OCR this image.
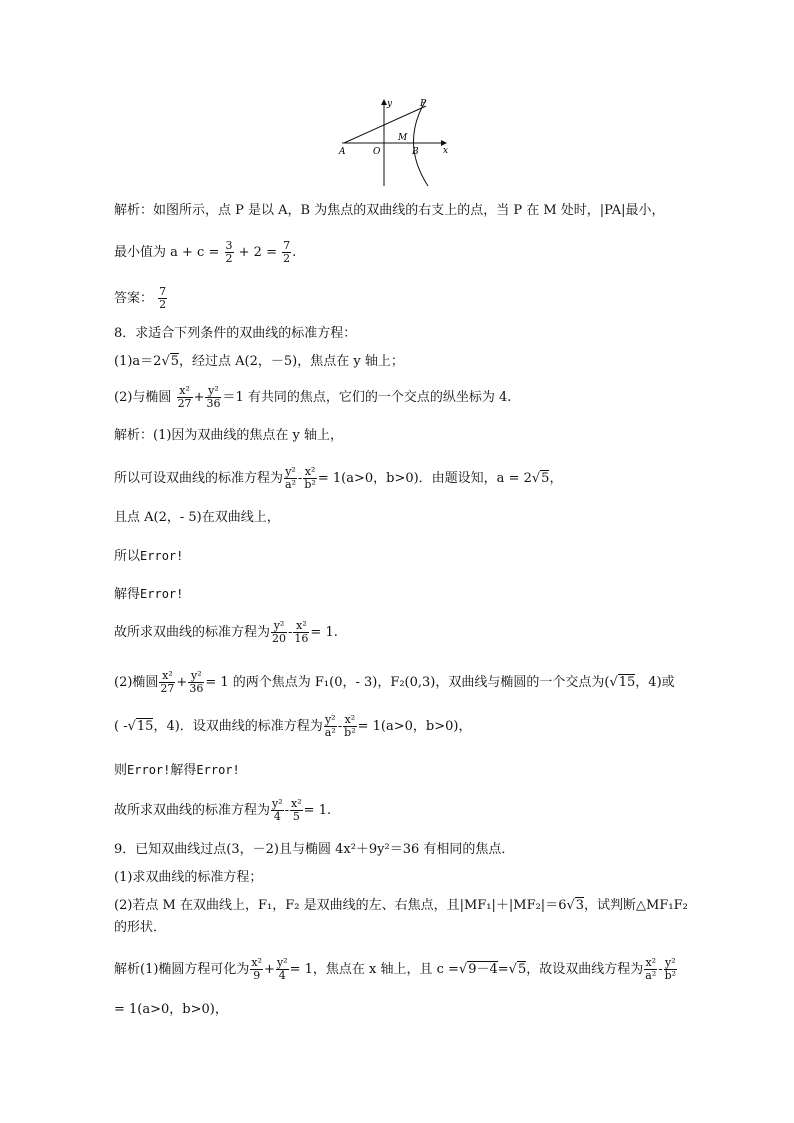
A	O
M
B
P
y
x
解析：如图所示，点 P 是以 A，B 为焦点的双曲线的右支上的点，当 P 在 M 处时，|PA|最小，
最小值为 $a + c = \frac{3}{2} + 2 = \frac{7}{2}$ .
答案： $\frac{7}{2}$
8．求适合下列条件的双曲线的标准方程：
(1)a＝2√5，经过点 A(2，－5)，焦点在 y 轴上；
(2)与椭圆 $\frac{\text{x²}}{27} + \frac{\text{y²}}{36} =1$ 有共同的焦点，它们的一个交点的纵坐标为 4.
解析：(1)因为双曲线的焦点在 y 轴上，
所以可设双曲线的标准方程为 $\frac{\text{y²}}{\text{a²}} - \frac{\text{x²}}{\text{b²}} = 1(a>0$，b>0)．由题设知，a = 2√5，
且点 A(2，- 5)在双曲线上，
所以Error!
解得Error!
故所求双曲线的标准方程为 $\frac{\text{y²}}{20} - \frac{\text{x²}}{16} = 1$.
(2)椭圆 $\frac{\text{x²}}{27} + \frac{\text{y²}}{36} = 1$ 的两个焦点为 F₁(0，- 3)，F₂(0,3)，双曲线与椭圆的一个交点为(√15，4)或
( -√15，4)．设双曲线的标准方程为 $\frac{\text{y²}}{\text{a²}} - \frac{\text{x²}}{\text{b²}} = 1(a>0$，b>0)，
则Error!解得Error!
故所求双曲线的标准方程为 $\frac{\text{y²}}{4} - \frac{\text{x²}}{5} = 1$.
9．已知双曲线过点(3，－2)且与椭圆 4x²＋9y²＝36 有相同的焦点．
(1)求双曲线的标准方程；
(2)若点 M 在双曲线上，F₁，F₂ 是双曲线的左、右焦点，且|MF₁|＋|MF₂|＝6√3，试判断△MF₁F₂
的形状．
解析(1)椭圆方程可化为 $\frac{\text{x²}}{9} + \frac{\text{y²}}{4} = 1$，焦点在 x 轴上，且 c =√9－4=√5，故设双曲线方程为 $\frac{\text{x²}}{\text{a²}} - \frac{\text{y²}}{\text{b²}}$
= 1(a>0，b>0)，
